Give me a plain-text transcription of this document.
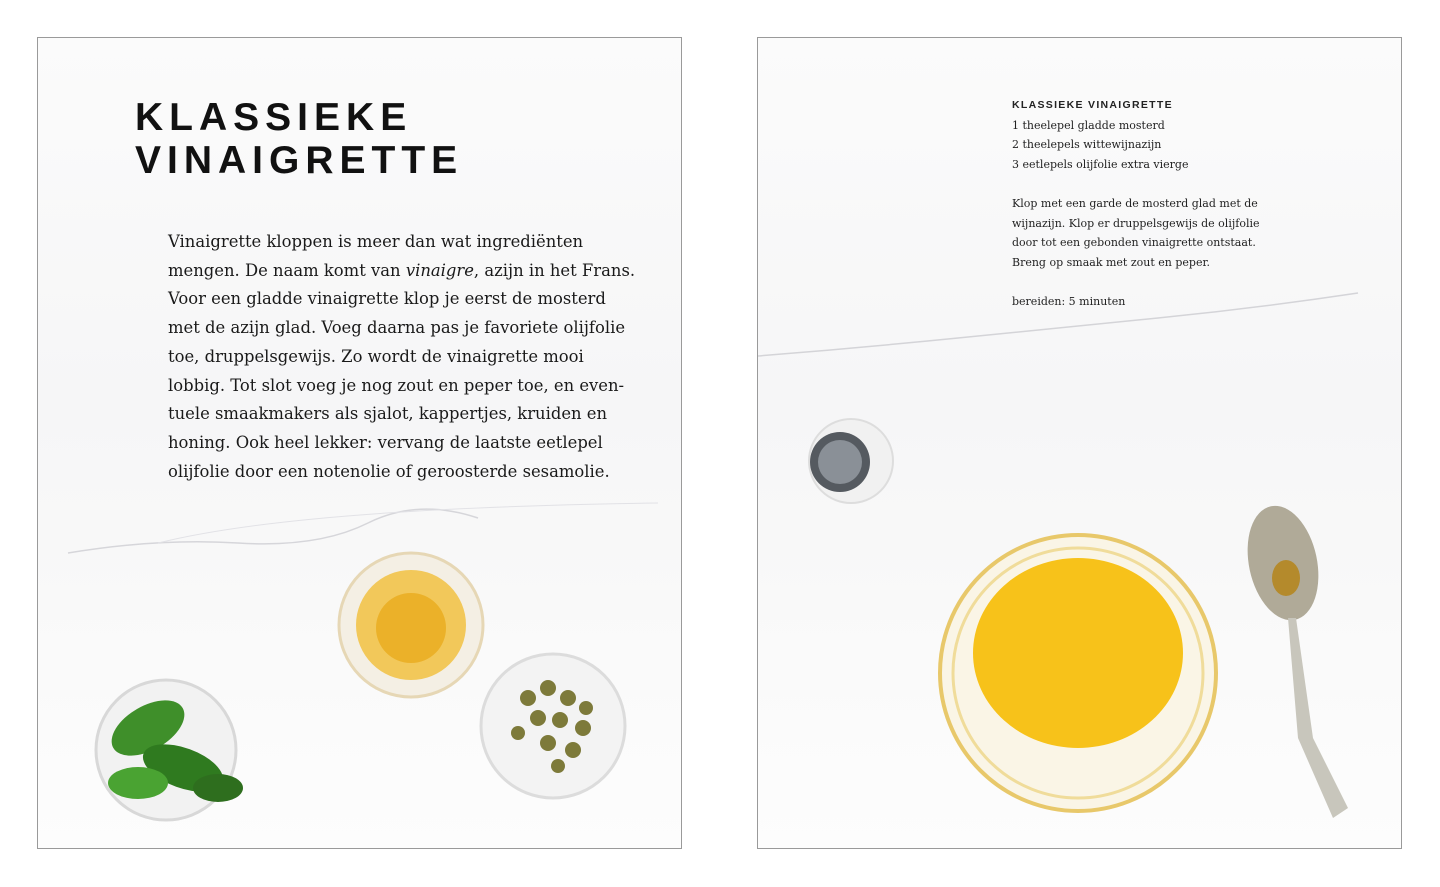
KLASSIEKE
VINAIGRETTE
Vinaigrette kloppen is meer dan wat ingrediënten
mengen. De naam komt van vinaigre, azijn in het Frans.
Voor een gladde vinaigrette klop je eerst de mosterd
met de azijn glad. Voeg daarna pas je favoriete olijfolie
toe, druppelsgewijs. Zo wordt de vinaigrette mooi
lobbig. Tot slot voeg je nog zout en peper toe, en even-
tuele smaakmakers als sjalot, kappertjes, kruiden en
honing. Ook heel lekker: vervang de laatste eetlepel
olijfolie door een notenolie of geroosterde sesamolie.
KLASSIEKE VINAIGRETTE
1 theelepel gladde mosterd
2 theelepels wittewijnazijn
3 eetlepels olijfolie extra vierge
Klop met een garde de mosterd glad met de
wijnazijn. Klop er druppelsgewijs de olijfolie
door tot een gebonden vinaigrette ontstaat.
Breng op smaak met zout en peper.
bereiden: 5 minuten
